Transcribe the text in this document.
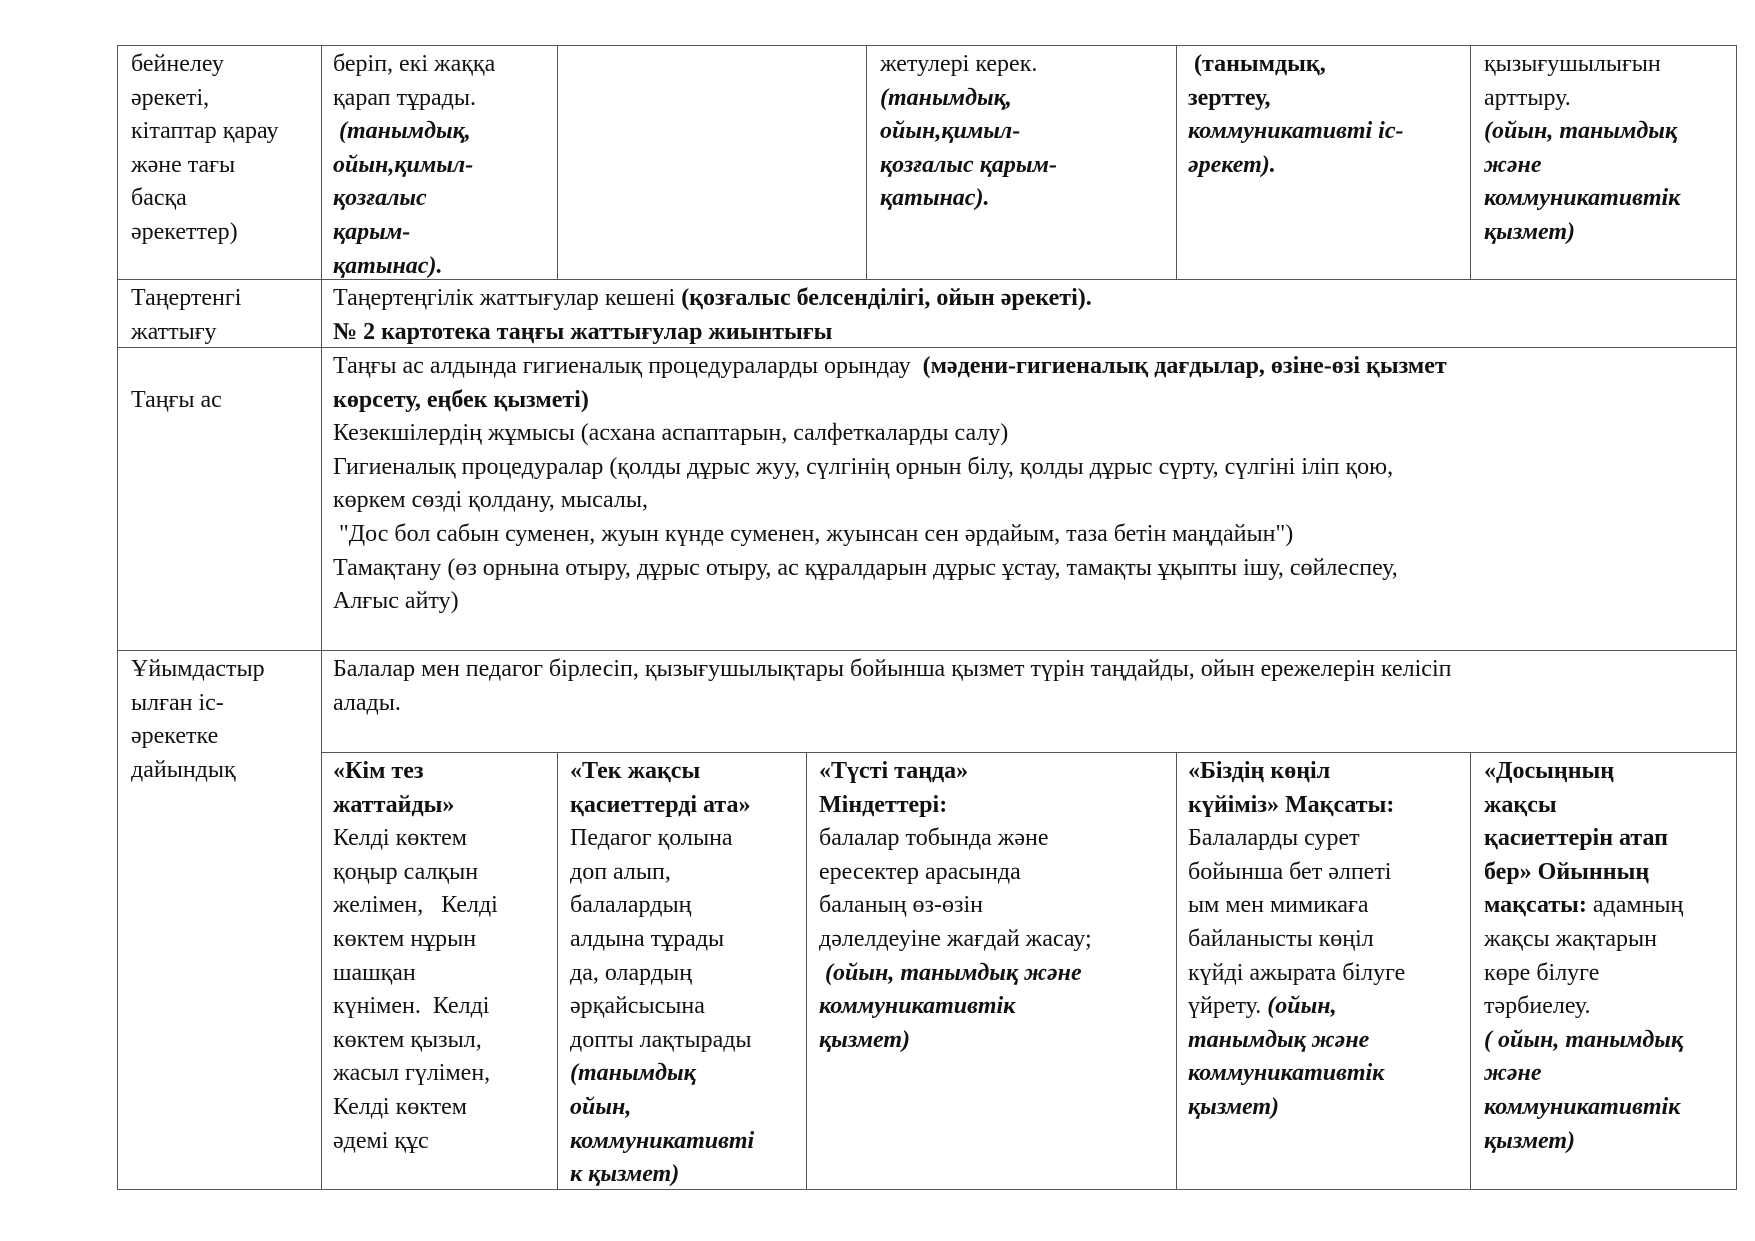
бейнелеу
әрекеті,
кітаптар қарау
және тағы
басқа
әрекеттер)
беріп, екі жаққа
қарап тұрады.
(танымдық,
ойын,қимыл-
қозғалыс
қарым-
қатынас).
жетулері керек.
(танымдық,
ойын,қимыл-
қозғалыс қарым-
қатынас).
(танымдық,
зерттеу,
коммуникативті іс-
әрекет).
қызығушылығын
арттыру.
(ойын, танымдық
және
коммуникативтік
қызмет)
Таңертенгі
жаттығу
Таңертеңгілік жаттығулар кешені (қозғалыс белсенділігі, ойын әрекеті).
№ 2 картотека таңғы жаттығулар жиынтығы
Таңғы ас
Таңғы ас алдында гигиеналық процедураларды орындау  (мәдени-гигиеналық дағдылар, өзіне-өзі қызмет
көрсету, еңбек қызметі)
Кезекшілердің жұмысы (асхана аспаптарын, салфеткаларды салу)
Гигиеналық процедуралар (қолды дұрыс жуу, сүлгінің орнын білу, қолды дұрыс сүрту, сүлгіні іліп қою,
көркем сөзді қолдану, мысалы,
"Дос бол сабын суменен, жуын күнде суменен, жуынсан сен әрдайым, таза бетін маңдайын")
Тамақтану (өз орнына отыру, дұрыс отыру, ас құралдарын дұрыс ұстау, тамақты ұқыпты ішу, сөйлеспеу,
Алғыс айту)
Ұйымдастыр
ылған іс-
әрекетке
дайындық
Балалар мен педагог бірлесіп, қызығушылықтары бойынша қызмет түрін таңдайды, ойын ережелерін келісіп
алады.
«Кім тез
жаттайды»
Келді көктем
қоңыр салқын
желімен,   Келді
көктем нұрын
шашқан
күнімен.  Келді
көктем қызыл,
жасыл гүлімен,
Келді көктем
әдемі құс
«Тек жақсы
қасиеттерді ата»
Педагог қолына
доп алып,
балалардың
алдына тұрады
да, олардың
әрқайсысына
допты лақтырады
(танымдық
ойын,
коммуникативті
к қызмет)
«Түсті таңда»
Міндеттері:
балалар тобында және
ересектер арасында
баланың өз-өзін
дәлелдеуіне жағдай жасау;
(ойын, танымдық және
коммуникативтік
қызмет)
«Біздің көңіл
күйіміз» Мақсаты:
Балаларды сурет
бойынша бет әлпеті
ым мен мимикаға
байланысты көңіл
күйді ажырата білуге
үйрету. (ойын,
танымдық және
коммуникативтік
қызмет)
«Досыңның
жақсы
қасиеттерін атап
бер» Ойынның
мақсаты: адамның
жақсы жақтарын
көре білуге
тәрбиелеу.
( ойын, танымдық
және
коммуникативтік
қызмет)
